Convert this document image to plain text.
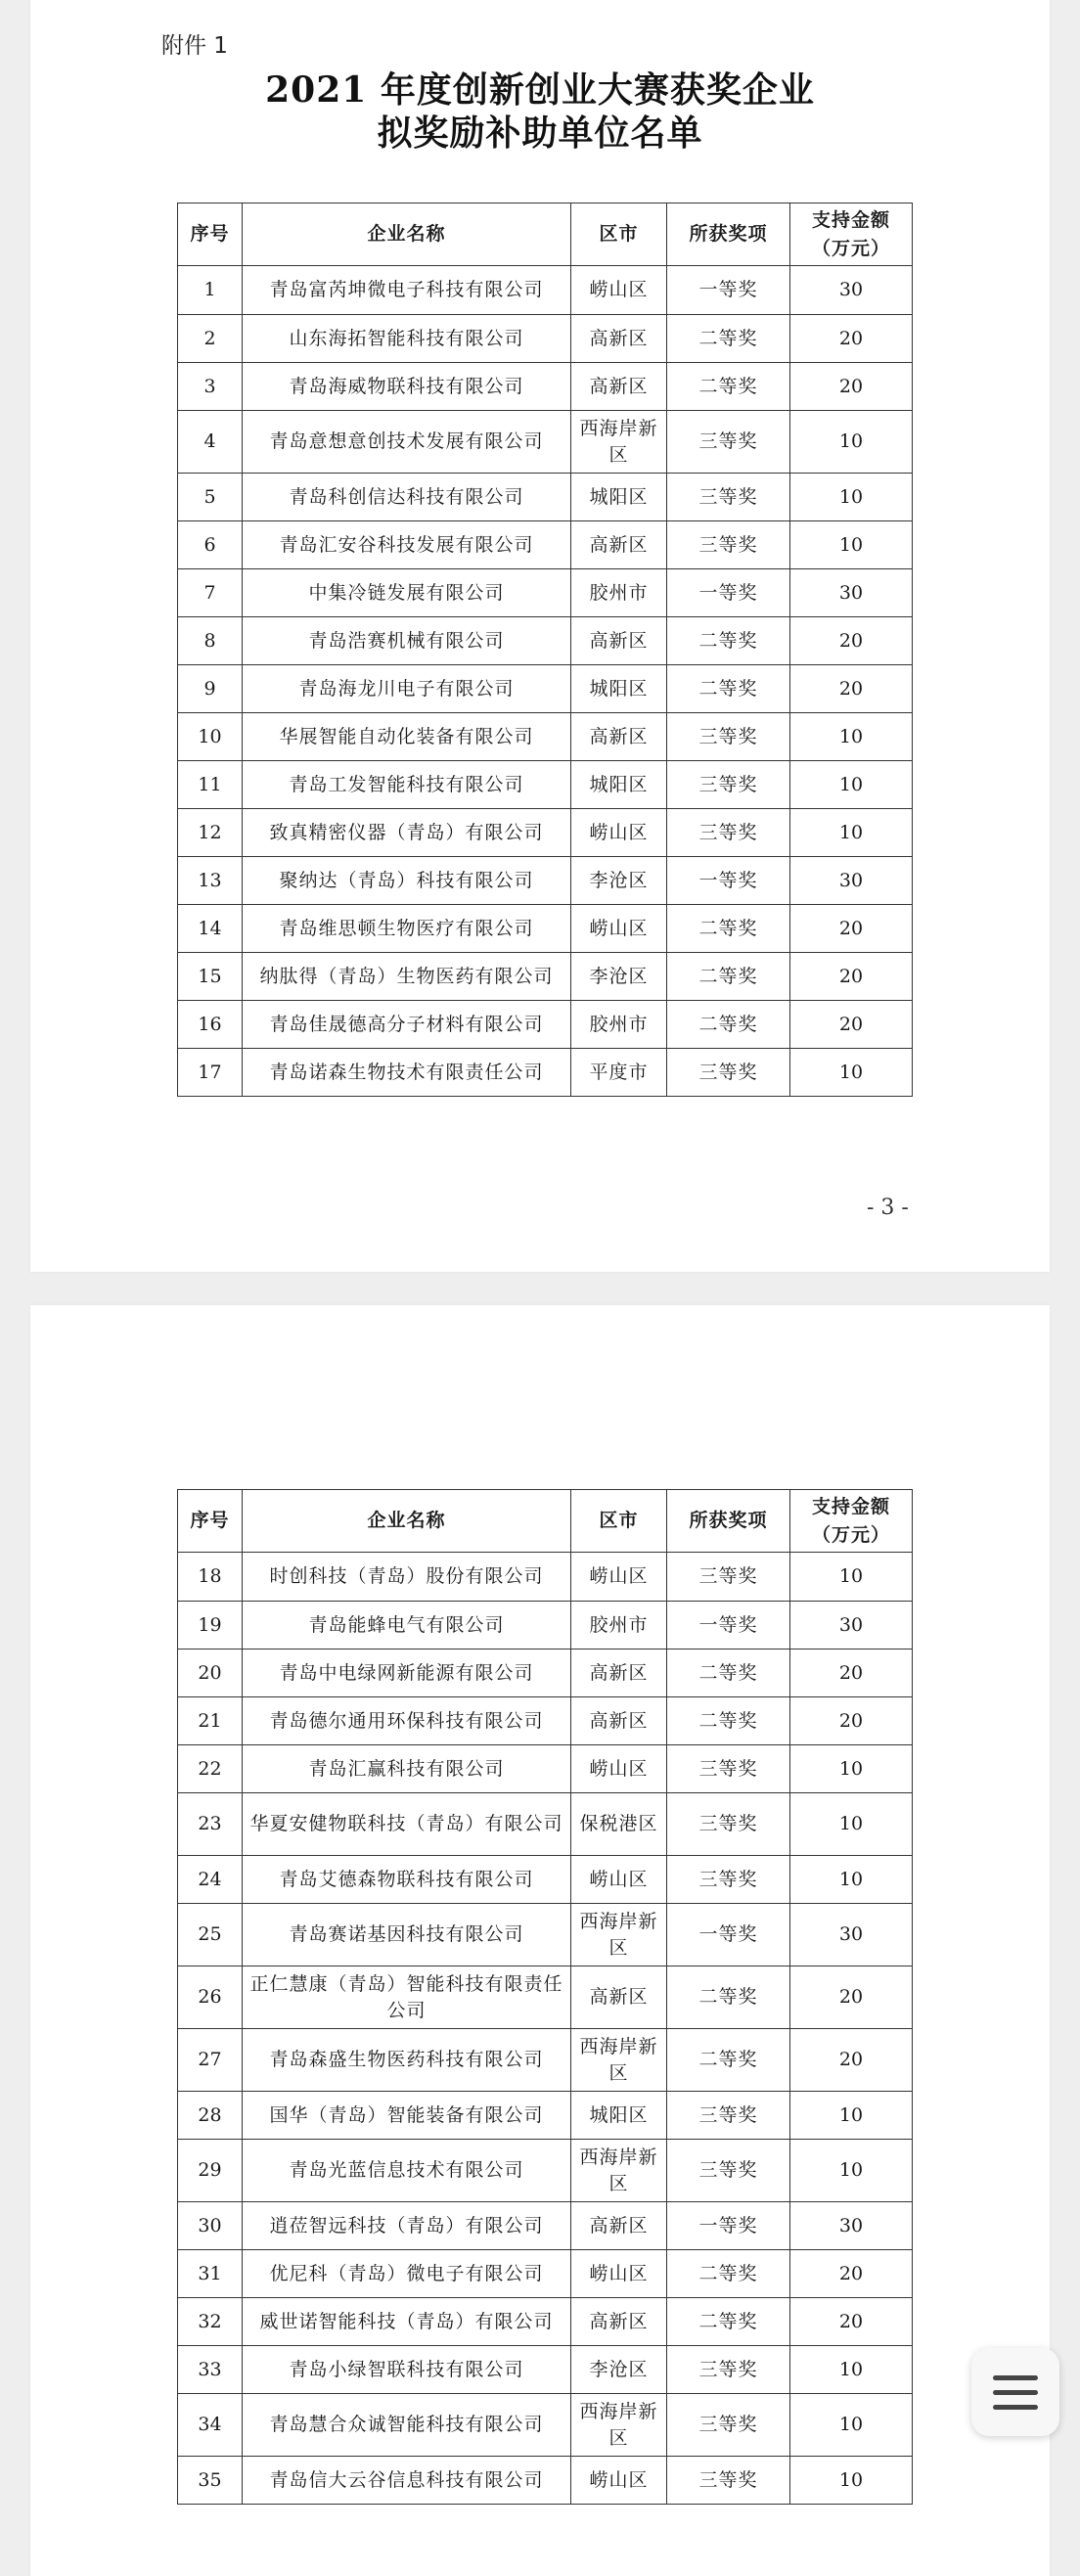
附件 1
2021 年度创新创业大赛获奖企业
拟奖励补助单位名单
序号	企业名称	区市	所获奖项	支持金额
（万元）
1	青岛富芮坤微电子科技有限公司	崂山区	一等奖	30
2	山东海拓智能科技有限公司	高新区	二等奖	20
3	青岛海威物联科技有限公司	高新区	二等奖	20
4	青岛意想意创技术发展有限公司	西海岸新区	三等奖	10
5	青岛科创信达科技有限公司	城阳区	三等奖	10
6	青岛汇安谷科技发展有限公司	高新区	三等奖	10
7	中集冷链发展有限公司	胶州市	一等奖	30
8	青岛浩赛机械有限公司	高新区	二等奖	20
9	青岛海龙川电子有限公司	城阳区	二等奖	20
10	华展智能自动化装备有限公司	高新区	三等奖	10
11	青岛工发智能科技有限公司	城阳区	三等奖	10
12	致真精密仪器（青岛）有限公司	崂山区	三等奖	10
13	聚纳达（青岛）科技有限公司	李沧区	一等奖	30
14	青岛维思顿生物医疗有限公司	崂山区	二等奖	20
15	纳肽得（青岛）生物医药有限公司	李沧区	二等奖	20
16	青岛佳晟德高分子材料有限公司	胶州市	二等奖	20
17	青岛诺森生物技术有限责任公司	平度市	三等奖	10
- 3 -
序号	企业名称	区市	所获奖项	支持金额
（万元）
18	时创科技（青岛）股份有限公司	崂山区	三等奖	10
19	青岛能蜂电气有限公司	胶州市	一等奖	30
20	青岛中电绿网新能源有限公司	高新区	二等奖	20
21	青岛德尔通用环保科技有限公司	高新区	二等奖	20
22	青岛汇赢科技有限公司	崂山区	三等奖	10
23	华夏安健物联科技（青岛）有限公司	保税港区	三等奖	10
24	青岛艾德森物联科技有限公司	崂山区	三等奖	10
25	青岛赛诺基因科技有限公司	西海岸新区	一等奖	30
26	正仁慧康（青岛）智能科技有限责任公司	高新区	二等奖	20
27	青岛森盛生物医药科技有限公司	西海岸新区	二等奖	20
28	国华（青岛）智能装备有限公司	城阳区	三等奖	10
29	青岛光蓝信息技术有限公司	西海岸新区	三等奖	10
30	逍莅智远科技（青岛）有限公司	高新区	一等奖	30
31	优尼科（青岛）微电子有限公司	崂山区	二等奖	20
32	威世诺智能科技（青岛）有限公司	高新区	二等奖	20
33	青岛小绿智联科技有限公司	李沧区	三等奖	10
34	青岛慧合众诚智能科技有限公司	西海岸新区	三等奖	10
35	青岛信大云谷信息科技有限公司	崂山区	三等奖	10
